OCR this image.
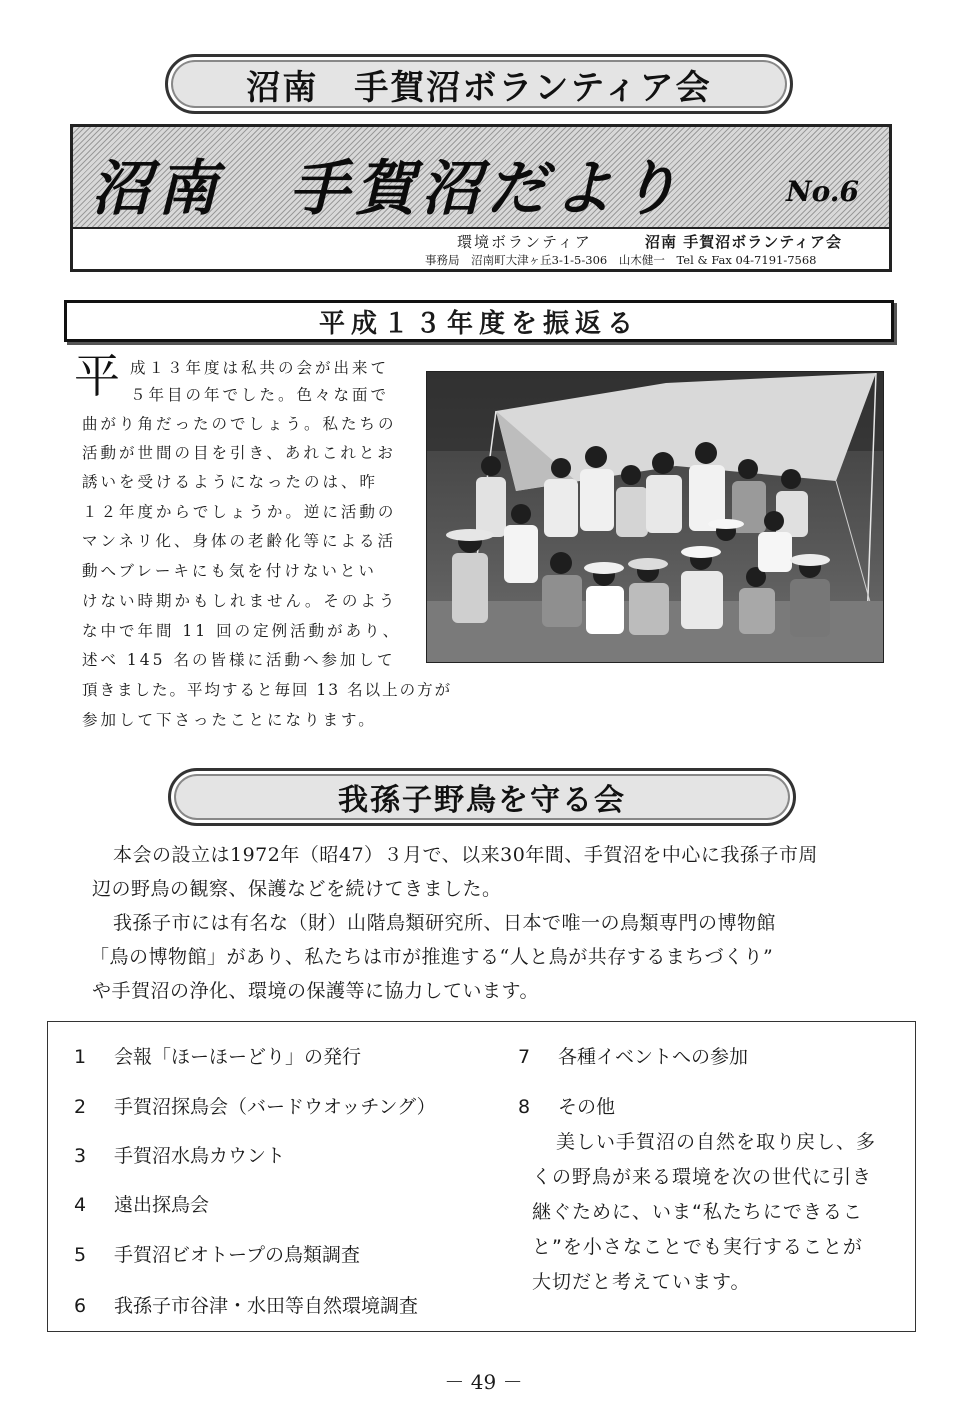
沼南　手賀沼ボランティア会
沼南　手賀沼だより	No.6
環境ボランティア	沼南 手賀沼ボランティア会
事務局 沼南町大津ヶ丘3-1-5-306 山木健一 Tel & Fax 04-7191-7568
平成１３年度を振返る
平 成１３年度は私共の会が出来て
５年目の年でした。色々な面で
曲がり角だったのでしょう。私たちの
活動が世間の目を引き、あれこれとお
誘いを受けるようになったのは、昨
１２年度からでしょうか。逆に活動の
マンネリ化、身体の老齢化等による活
動へブレーキにも気を付けないとい
けない時期かもしれません。そのよう
な中で年間 11 回の定例活動があり、
述べ 145 名の皆様に活動へ参加して
頂きました。平均すると毎回 13 名以上の方が
参加して下さったことになります。
我孫子野鳥を守る会
本会の設立は1972年（昭47）３月で、以来30年間、手賀沼を中心に我孫子市周
辺の野鳥の観察、保護などを続けてきました。
我孫子市には有名な（財）山階鳥類研究所、日本で唯一の鳥類専門の博物館
「鳥の博物館」があり、私たちは市が推進する“人と鳥が共存するまちづくり”
や手賀沼の浄化、環境の保護等に協力しています。
1 会報「ほーほーどり」の発行
2 手賀沼探鳥会（バードウオッチング）
3 手賀沼水鳥カウント
4 遠出探鳥会
5 手賀沼ビオトープの鳥類調査
6 我孫子市谷津・水田等自然環境調査
7 各種イベントへの参加
8 その他
美しい手賀沼の自然を取り戻し、多
くの野鳥が来る環境を次の世代に引き
継ぐために、いま“私たちにできるこ
と”を小さなことでも実行することが
大切だと考えています。
－ 49 －
